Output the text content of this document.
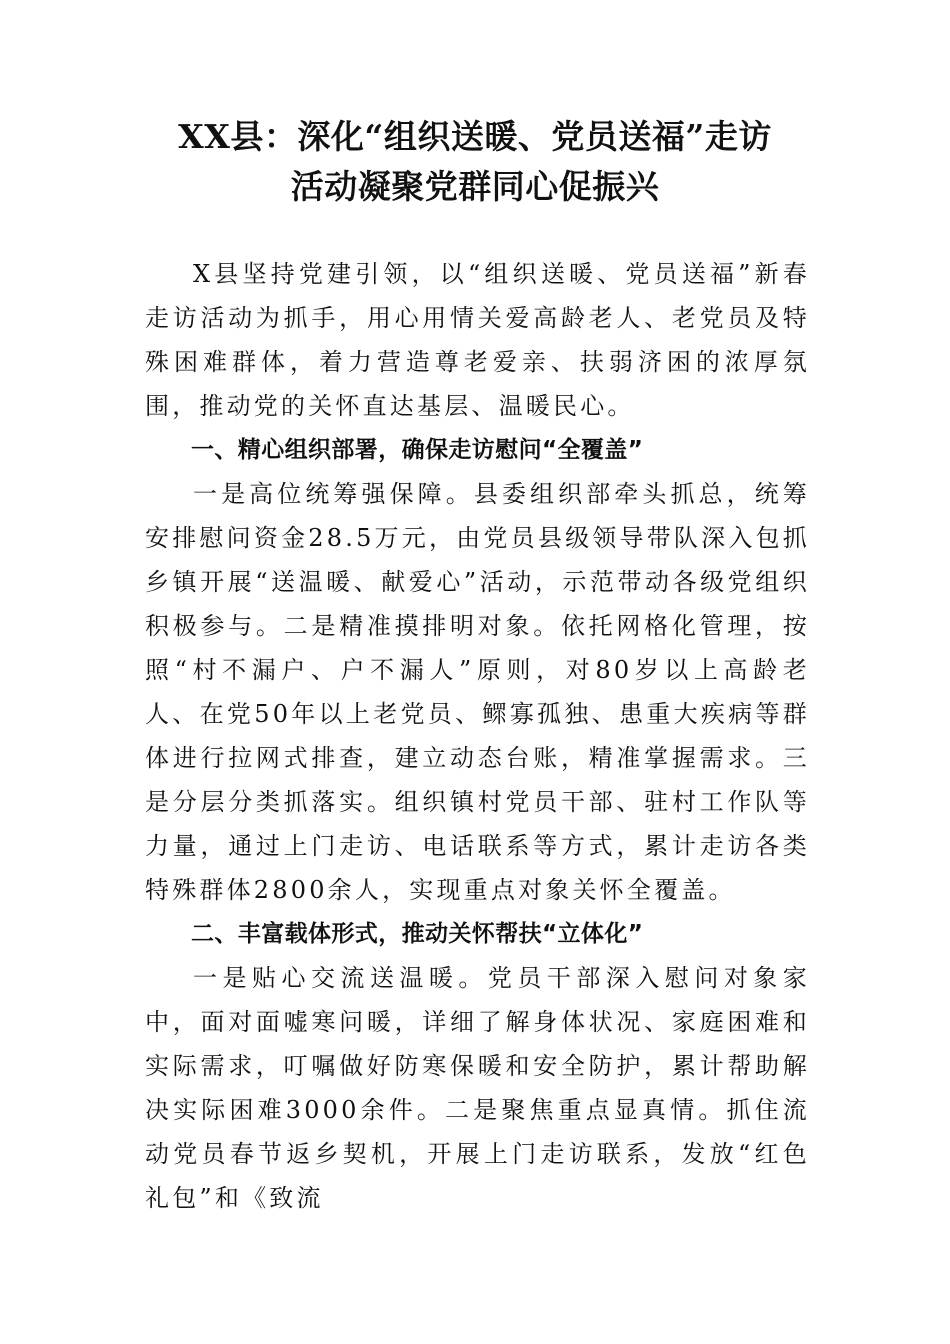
XX县：深化“组织送暖、党员送福”走访
活动凝聚党群同心促振兴

X县坚持党建引领，以“组织送暖、党员送福”新春走访活动为抓手，用心用情关爱高龄老人、老党员及特殊困难群体，着力营造尊老爱亲、扶弱济困的浓厚氛围，推动党的关怀直达基层、温暖民心。

一、精心组织部署，确保走访慰问“全覆盖”

一是高位统筹强保障。县委组织部牵头抓总，统筹安排慰问资金28.5万元，由党员县级领导带队深入包抓乡镇开展“送温暖、献爱心”活动，示范带动各级党组织积极参与。二是精准摸排明对象。依托网格化管理，按照“村不漏户、户不漏人”原则，对80岁以上高龄老人、在党50年以上老党员、鳏寡孤独、患重大疾病等群体进行拉网式排查，建立动态台账，精准掌握需求。三是分层分类抓落实。组织镇村党员干部、驻村工作队等力量，通过上门走访、电话联系等方式，累计走访各类特殊群体2800余人，实现重点对象关怀全覆盖。

二、丰富载体形式，推动关怀帮扶“立体化”

一是贴心交流送温暖。党员干部深入慰问对象家中，面对面嘘寒问暖，详细了解身体状况、家庭困难和实际需求，叮嘱做好防寒保暖和安全防护，累计帮助解决实际困难3000余件。二是聚焦重点显真情。抓住流动党员春节返乡契机，开展上门走访联系，发放“红色礼包”和《致流
